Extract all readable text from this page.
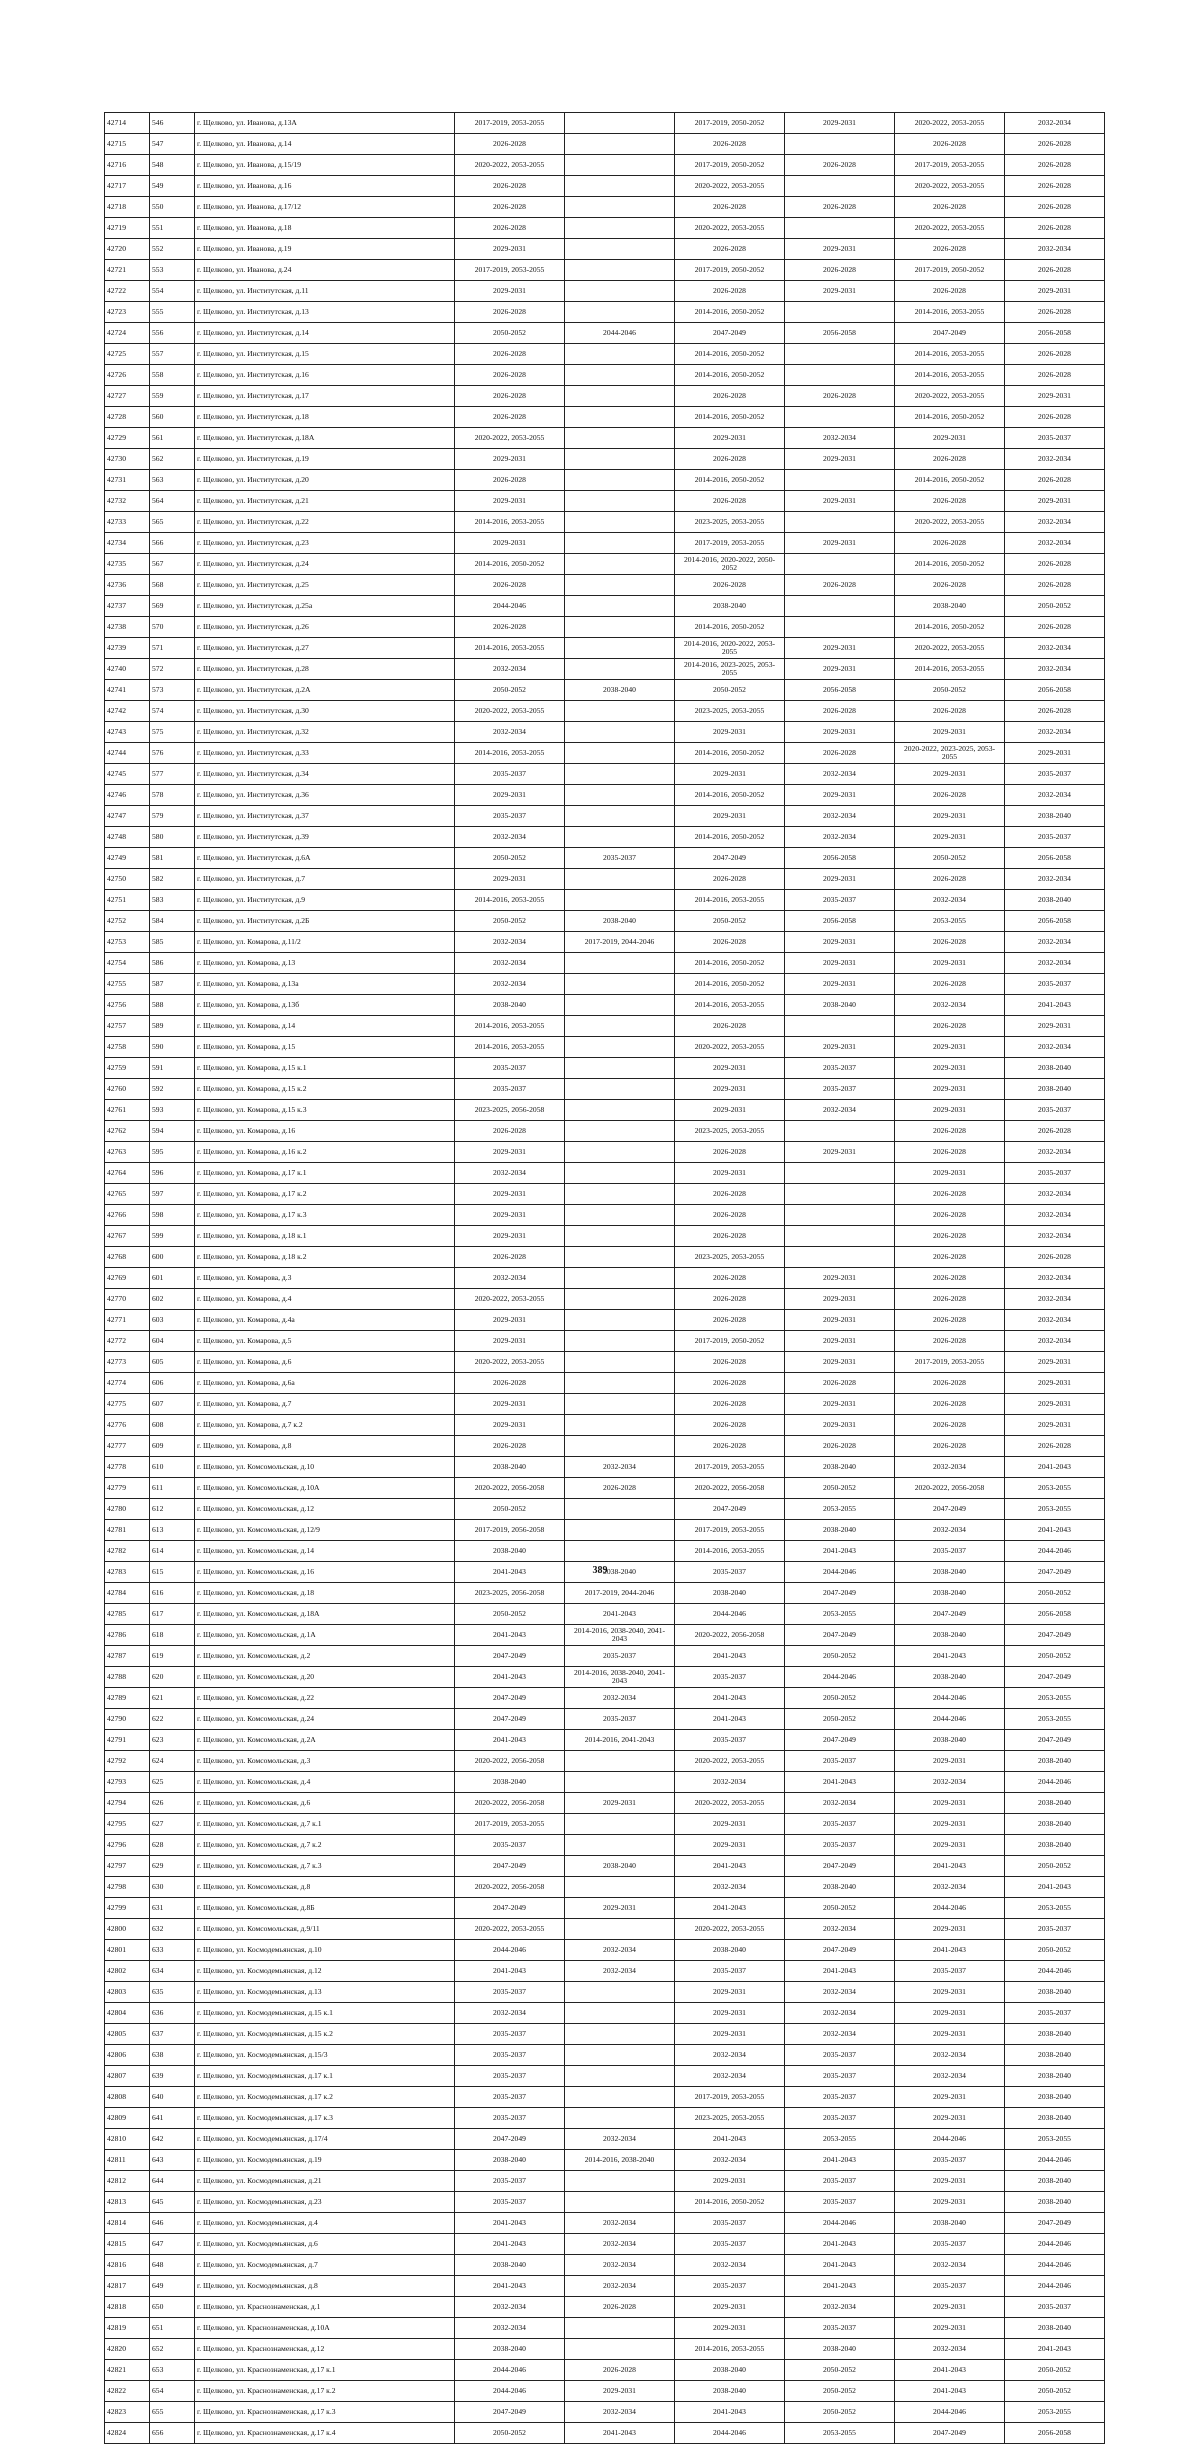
42714	546	г. Щелково, ул. Иванова, д.13А	2017-2019, 2053-2055		2017-2019, 2050-2052	2029-2031	2020-2022, 2053-2055	2032-2034
42715	547	г. Щелково, ул. Иванова, д.14	2026-2028		2026-2028		2026-2028	2026-2028
42716	548	г. Щелково, ул. Иванова, д.15/19	2020-2022, 2053-2055		2017-2019, 2050-2052	2026-2028	2017-2019, 2053-2055	2026-2028
42717	549	г. Щелково, ул. Иванова, д.16	2026-2028		2020-2022, 2053-2055		2020-2022, 2053-2055	2026-2028
42718	550	г. Щелково, ул. Иванова, д.17/12	2026-2028		2026-2028	2026-2028	2026-2028	2026-2028
42719	551	г. Щелково, ул. Иванова, д.18	2026-2028		2020-2022, 2053-2055		2020-2022, 2053-2055	2026-2028
42720	552	г. Щелково, ул. Иванова, д.19	2029-2031		2026-2028	2029-2031	2026-2028	2032-2034
42721	553	г. Щелково, ул. Иванова, д.24	2017-2019, 2053-2055		2017-2019, 2050-2052	2026-2028	2017-2019, 2050-2052	2026-2028
42722	554	г. Щелково, ул. Институтская, д.11	2029-2031		2026-2028	2029-2031	2026-2028	2029-2031
42723	555	г. Щелково, ул. Институтская, д.13	2026-2028		2014-2016, 2050-2052		2014-2016, 2053-2055	2026-2028
42724	556	г. Щелково, ул. Институтская, д.14	2050-2052	2044-2046	2047-2049	2056-2058	2047-2049	2056-2058
42725	557	г. Щелково, ул. Институтская, д.15	2026-2028		2014-2016, 2050-2052		2014-2016, 2053-2055	2026-2028
42726	558	г. Щелково, ул. Институтская, д.16	2026-2028		2014-2016, 2050-2052		2014-2016, 2053-2055	2026-2028
42727	559	г. Щелково, ул. Институтская, д.17	2026-2028		2026-2028	2026-2028	2020-2022, 2053-2055	2029-2031
42728	560	г. Щелково, ул. Институтская, д.18	2026-2028		2014-2016, 2050-2052		2014-2016, 2050-2052	2026-2028
42729	561	г. Щелково, ул. Институтская, д.18А	2020-2022, 2053-2055		2029-2031	2032-2034	2029-2031	2035-2037
42730	562	г. Щелково, ул. Институтская, д.19	2029-2031		2026-2028	2029-2031	2026-2028	2032-2034
42731	563	г. Щелково, ул. Институтская, д.20	2026-2028		2014-2016, 2050-2052		2014-2016, 2050-2052	2026-2028
42732	564	г. Щелково, ул. Институтская, д.21	2029-2031		2026-2028	2029-2031	2026-2028	2029-2031
42733	565	г. Щелково, ул. Институтская, д.22	2014-2016, 2053-2055		2023-2025, 2053-2055		2020-2022, 2053-2055	2032-2034
42734	566	г. Щелково, ул. Институтская, д.23	2029-2031		2017-2019, 2053-2055	2029-2031	2026-2028	2032-2034
42735	567	г. Щелково, ул. Институтская, д.24	2014-2016, 2050-2052		2014-2016, 2020-2022, 2050-2052		2014-2016, 2050-2052	2026-2028
42736	568	г. Щелково, ул. Институтская, д.25	2026-2028		2026-2028	2026-2028	2026-2028	2026-2028
42737	569	г. Щелково, ул. Институтская, д.25а	2044-2046		2038-2040		2038-2040	2050-2052
42738	570	г. Щелково, ул. Институтская, д.26	2026-2028		2014-2016, 2050-2052		2014-2016, 2050-2052	2026-2028
42739	571	г. Щелково, ул. Институтская, д.27	2014-2016, 2053-2055		2014-2016, 2020-2022, 2053-2055	2029-2031	2020-2022, 2053-2055	2032-2034
42740	572	г. Щелково, ул. Институтская, д.28	2032-2034		2014-2016, 2023-2025, 2053-2055	2029-2031	2014-2016, 2053-2055	2032-2034
42741	573	г. Щелково, ул. Институтская, д.2А	2050-2052	2038-2040	2050-2052	2056-2058	2050-2052	2056-2058
42742	574	г. Щелково, ул. Институтская, д.30	2020-2022, 2053-2055		2023-2025, 2053-2055	2026-2028	2026-2028	2026-2028
42743	575	г. Щелково, ул. Институтская, д.32	2032-2034		2029-2031	2029-2031	2029-2031	2032-2034
42744	576	г. Щелково, ул. Институтская, д.33	2014-2016, 2053-2055		2014-2016, 2050-2052	2026-2028	2020-2022, 2023-2025, 2053-2055	2029-2031
42745	577	г. Щелково, ул. Институтская, д.34	2035-2037		2029-2031	2032-2034	2029-2031	2035-2037
42746	578	г. Щелково, ул. Институтская, д.36	2029-2031		2014-2016, 2050-2052	2029-2031	2026-2028	2032-2034
42747	579	г. Щелково, ул. Институтская, д.37	2035-2037		2029-2031	2032-2034	2029-2031	2038-2040
42748	580	г. Щелково, ул. Институтская, д.39	2032-2034		2014-2016, 2050-2052	2032-2034	2029-2031	2035-2037
42749	581	г. Щелково, ул. Институтская, д.6А	2050-2052	2035-2037	2047-2049	2056-2058	2050-2052	2056-2058
42750	582	г. Щелково, ул. Институтская, д.7	2029-2031		2026-2028	2029-2031	2026-2028	2032-2034
42751	583	г. Щелково, ул. Институтская, д.9	2014-2016, 2053-2055		2014-2016, 2053-2055	2035-2037	2032-2034	2038-2040
42752	584	г. Щелково, ул. Институтская, д.2Б	2050-2052	2038-2040	2050-2052	2056-2058	2053-2055	2056-2058
42753	585	г. Щелково, ул. Комарова, д.11/2	2032-2034	2017-2019, 2044-2046	2026-2028	2029-2031	2026-2028	2032-2034
42754	586	г. Щелково, ул. Комарова, д.13	2032-2034		2014-2016, 2050-2052	2029-2031	2029-2031	2032-2034
42755	587	г. Щелково, ул. Комарова, д.13а	2032-2034		2014-2016, 2050-2052	2029-2031	2026-2028	2035-2037
42756	588	г. Щелково, ул. Комарова, д.13б	2038-2040		2014-2016, 2053-2055	2038-2040	2032-2034	2041-2043
42757	589	г. Щелково, ул. Комарова, д.14	2014-2016, 2053-2055		2026-2028		2026-2028	2029-2031
42758	590	г. Щелково, ул. Комарова, д.15	2014-2016, 2053-2055		2020-2022, 2053-2055	2029-2031	2029-2031	2032-2034
42759	591	г. Щелково, ул. Комарова, д.15 к.1	2035-2037		2029-2031	2035-2037	2029-2031	2038-2040
42760	592	г. Щелково, ул. Комарова, д.15 к.2	2035-2037		2029-2031	2035-2037	2029-2031	2038-2040
42761	593	г. Щелково, ул. Комарова, д.15 к.3	2023-2025, 2056-2058		2029-2031	2032-2034	2029-2031	2035-2037
42762	594	г. Щелково, ул. Комарова, д.16	2026-2028		2023-2025, 2053-2055		2026-2028	2026-2028
42763	595	г. Щелково, ул. Комарова, д.16 к.2	2029-2031		2026-2028	2029-2031	2026-2028	2032-2034
42764	596	г. Щелково, ул. Комарова, д.17 к.1	2032-2034		2029-2031		2029-2031	2035-2037
42765	597	г. Щелково, ул. Комарова, д.17 к.2	2029-2031		2026-2028		2026-2028	2032-2034
42766	598	г. Щелково, ул. Комарова, д.17 к.3	2029-2031		2026-2028		2026-2028	2032-2034
42767	599	г. Щелково, ул. Комарова, д.18 к.1	2029-2031		2026-2028		2026-2028	2032-2034
42768	600	г. Щелково, ул. Комарова, д.18 к.2	2026-2028		2023-2025, 2053-2055		2026-2028	2026-2028
42769	601	г. Щелково, ул. Комарова, д.3	2032-2034		2026-2028	2029-2031	2026-2028	2032-2034
42770	602	г. Щелково, ул. Комарова, д.4	2020-2022, 2053-2055		2026-2028	2029-2031	2026-2028	2032-2034
42771	603	г. Щелково, ул. Комарова, д.4а	2029-2031		2026-2028	2029-2031	2026-2028	2032-2034
42772	604	г. Щелково, ул. Комарова, д.5	2029-2031		2017-2019, 2050-2052	2029-2031	2026-2028	2032-2034
42773	605	г. Щелково, ул. Комарова, д.6	2020-2022, 2053-2055		2026-2028	2029-2031	2017-2019, 2053-2055	2029-2031
42774	606	г. Щелково, ул. Комарова, д.6а	2026-2028		2026-2028	2026-2028	2026-2028	2029-2031
42775	607	г. Щелково, ул. Комарова, д.7	2029-2031		2026-2028	2029-2031	2026-2028	2029-2031
42776	608	г. Щелково, ул. Комарова, д.7 к.2	2029-2031		2026-2028	2029-2031	2026-2028	2029-2031
42777	609	г. Щелково, ул. Комарова, д.8	2026-2028		2026-2028	2026-2028	2026-2028	2026-2028
42778	610	г. Щелково, ул. Комсомольская, д.10	2038-2040	2032-2034	2017-2019, 2053-2055	2038-2040	2032-2034	2041-2043
42779	611	г. Щелково, ул. Комсомольская, д.10А	2020-2022, 2056-2058	2026-2028	2020-2022, 2056-2058	2050-2052	2020-2022, 2056-2058	2053-2055
42780	612	г. Щелково, ул. Комсомольская, д.12	2050-2052		2047-2049	2053-2055	2047-2049	2053-2055
42781	613	г. Щелково, ул. Комсомольская, д.12/9	2017-2019, 2056-2058		2017-2019, 2053-2055	2038-2040	2032-2034	2041-2043
42782	614	г. Щелково, ул. Комсомольская, д.14	2038-2040		2014-2016, 2053-2055	2041-2043	2035-2037	2044-2046
42783	615	г. Щелково, ул. Комсомольская, д.16	2041-2043	2038-2040	2035-2037	2044-2046	2038-2040	2047-2049
42784	616	г. Щелково, ул. Комсомольская, д.18	2023-2025, 2056-2058	2017-2019, 2044-2046	2038-2040	2047-2049	2038-2040	2050-2052
42785	617	г. Щелково, ул. Комсомольская, д.18А	2050-2052	2041-2043	2044-2046	2053-2055	2047-2049	2056-2058
42786	618	г. Щелково, ул. Комсомольская, д.1А	2041-2043	2014-2016, 2038-2040, 2041-2043	2020-2022, 2056-2058	2047-2049	2038-2040	2047-2049
42787	619	г. Щелково, ул. Комсомольская, д.2	2047-2049	2035-2037	2041-2043	2050-2052	2041-2043	2050-2052
42788	620	г. Щелково, ул. Комсомольская, д.20	2041-2043	2014-2016, 2038-2040, 2041-2043	2035-2037	2044-2046	2038-2040	2047-2049
42789	621	г. Щелково, ул. Комсомольская, д.22	2047-2049	2032-2034	2041-2043	2050-2052	2044-2046	2053-2055
42790	622	г. Щелково, ул. Комсомольская, д.24	2047-2049	2035-2037	2041-2043	2050-2052	2044-2046	2053-2055
42791	623	г. Щелково, ул. Комсомольская, д.2А	2041-2043	2014-2016, 2041-2043	2035-2037	2047-2049	2038-2040	2047-2049
42792	624	г. Щелково, ул. Комсомольская, д.3	2020-2022, 2056-2058		2020-2022, 2053-2055	2035-2037	2029-2031	2038-2040
42793	625	г. Щелково, ул. Комсомольская, д.4	2038-2040		2032-2034	2041-2043	2032-2034	2044-2046
42794	626	г. Щелково, ул. Комсомольская, д.6	2020-2022, 2056-2058	2029-2031	2020-2022, 2053-2055	2032-2034	2029-2031	2038-2040
42795	627	г. Щелково, ул. Комсомольская, д.7 к.1	2017-2019, 2053-2055		2029-2031	2035-2037	2029-2031	2038-2040
42796	628	г. Щелково, ул. Комсомольская, д.7 к.2	2035-2037		2029-2031	2035-2037	2029-2031	2038-2040
42797	629	г. Щелково, ул. Комсомольская, д.7 к.3	2047-2049	2038-2040	2041-2043	2047-2049	2041-2043	2050-2052
42798	630	г. Щелково, ул. Комсомольская, д.8	2020-2022, 2056-2058		2032-2034	2038-2040	2032-2034	2041-2043
42799	631	г. Щелково, ул. Комсомольская, д.8Б	2047-2049	2029-2031	2041-2043	2050-2052	2044-2046	2053-2055
42800	632	г. Щелково, ул. Комсомольская, д.9/11	2020-2022, 2053-2055		2020-2022, 2053-2055	2032-2034	2029-2031	2035-2037
42801	633	г. Щелково, ул. Космодемьянская, д.10	2044-2046	2032-2034	2038-2040	2047-2049	2041-2043	2050-2052
42802	634	г. Щелково, ул. Космодемьянская, д.12	2041-2043	2032-2034	2035-2037	2041-2043	2035-2037	2044-2046
42803	635	г. Щелково, ул. Космодемьянская, д.13	2035-2037		2029-2031	2032-2034	2029-2031	2038-2040
42804	636	г. Щелково, ул. Космодемьянская, д.15 к.1	2032-2034		2029-2031	2032-2034	2029-2031	2035-2037
42805	637	г. Щелково, ул. Космодемьянская, д.15 к.2	2035-2037		2029-2031	2032-2034	2029-2031	2038-2040
42806	638	г. Щелково, ул. Космодемьянская, д.15/3	2035-2037		2032-2034	2035-2037	2032-2034	2038-2040
42807	639	г. Щелково, ул. Космодемьянская, д.17 к.1	2035-2037		2032-2034	2035-2037	2032-2034	2038-2040
42808	640	г. Щелково, ул. Космодемьянская, д.17 к.2	2035-2037		2017-2019, 2053-2055	2035-2037	2029-2031	2038-2040
42809	641	г. Щелково, ул. Космодемьянская, д.17 к.3	2035-2037		2023-2025, 2053-2055	2035-2037	2029-2031	2038-2040
42810	642	г. Щелково, ул. Космодемьянская, д.17/4	2047-2049	2032-2034	2041-2043	2053-2055	2044-2046	2053-2055
42811	643	г. Щелково, ул. Космодемьянская, д.19	2038-2040	2014-2016, 2038-2040	2032-2034	2041-2043	2035-2037	2044-2046
42812	644	г. Щелково, ул. Космодемьянская, д.21	2035-2037		2029-2031	2035-2037	2029-2031	2038-2040
42813	645	г. Щелково, ул. Космодемьянская, д.23	2035-2037		2014-2016, 2050-2052	2035-2037	2029-2031	2038-2040
42814	646	г. Щелково, ул. Космодемьянская, д.4	2041-2043	2032-2034	2035-2037	2044-2046	2038-2040	2047-2049
42815	647	г. Щелково, ул. Космодемьянская, д.6	2041-2043	2032-2034	2035-2037	2041-2043	2035-2037	2044-2046
42816	648	г. Щелково, ул. Космодемьянская, д.7	2038-2040	2032-2034	2032-2034	2041-2043	2032-2034	2044-2046
42817	649	г. Щелково, ул. Космодемьянская, д.8	2041-2043	2032-2034	2035-2037	2041-2043	2035-2037	2044-2046
42818	650	г. Щелково, ул. Краснознаменская, д.1	2032-2034	2026-2028	2029-2031	2032-2034	2029-2031	2035-2037
42819	651	г. Щелково, ул. Краснознаменская, д.10А	2032-2034		2029-2031	2035-2037	2029-2031	2038-2040
42820	652	г. Щелково, ул. Краснознаменская, д.12	2038-2040		2014-2016, 2053-2055	2038-2040	2032-2034	2041-2043
42821	653	г. Щелково, ул. Краснознаменская, д.17 к.1	2044-2046	2026-2028	2038-2040	2050-2052	2041-2043	2050-2052
42822	654	г. Щелково, ул. Краснознаменская, д.17 к.2	2044-2046	2029-2031	2038-2040	2050-2052	2041-2043	2050-2052
42823	655	г. Щелково, ул. Краснознаменская, д.17 к.3	2047-2049	2032-2034	2041-2043	2050-2052	2044-2046	2053-2055
42824	656	г. Щелково, ул. Краснознаменская, д.17 к.4	2050-2052	2041-2043	2044-2046	2053-2055	2047-2049	2056-2058
389
